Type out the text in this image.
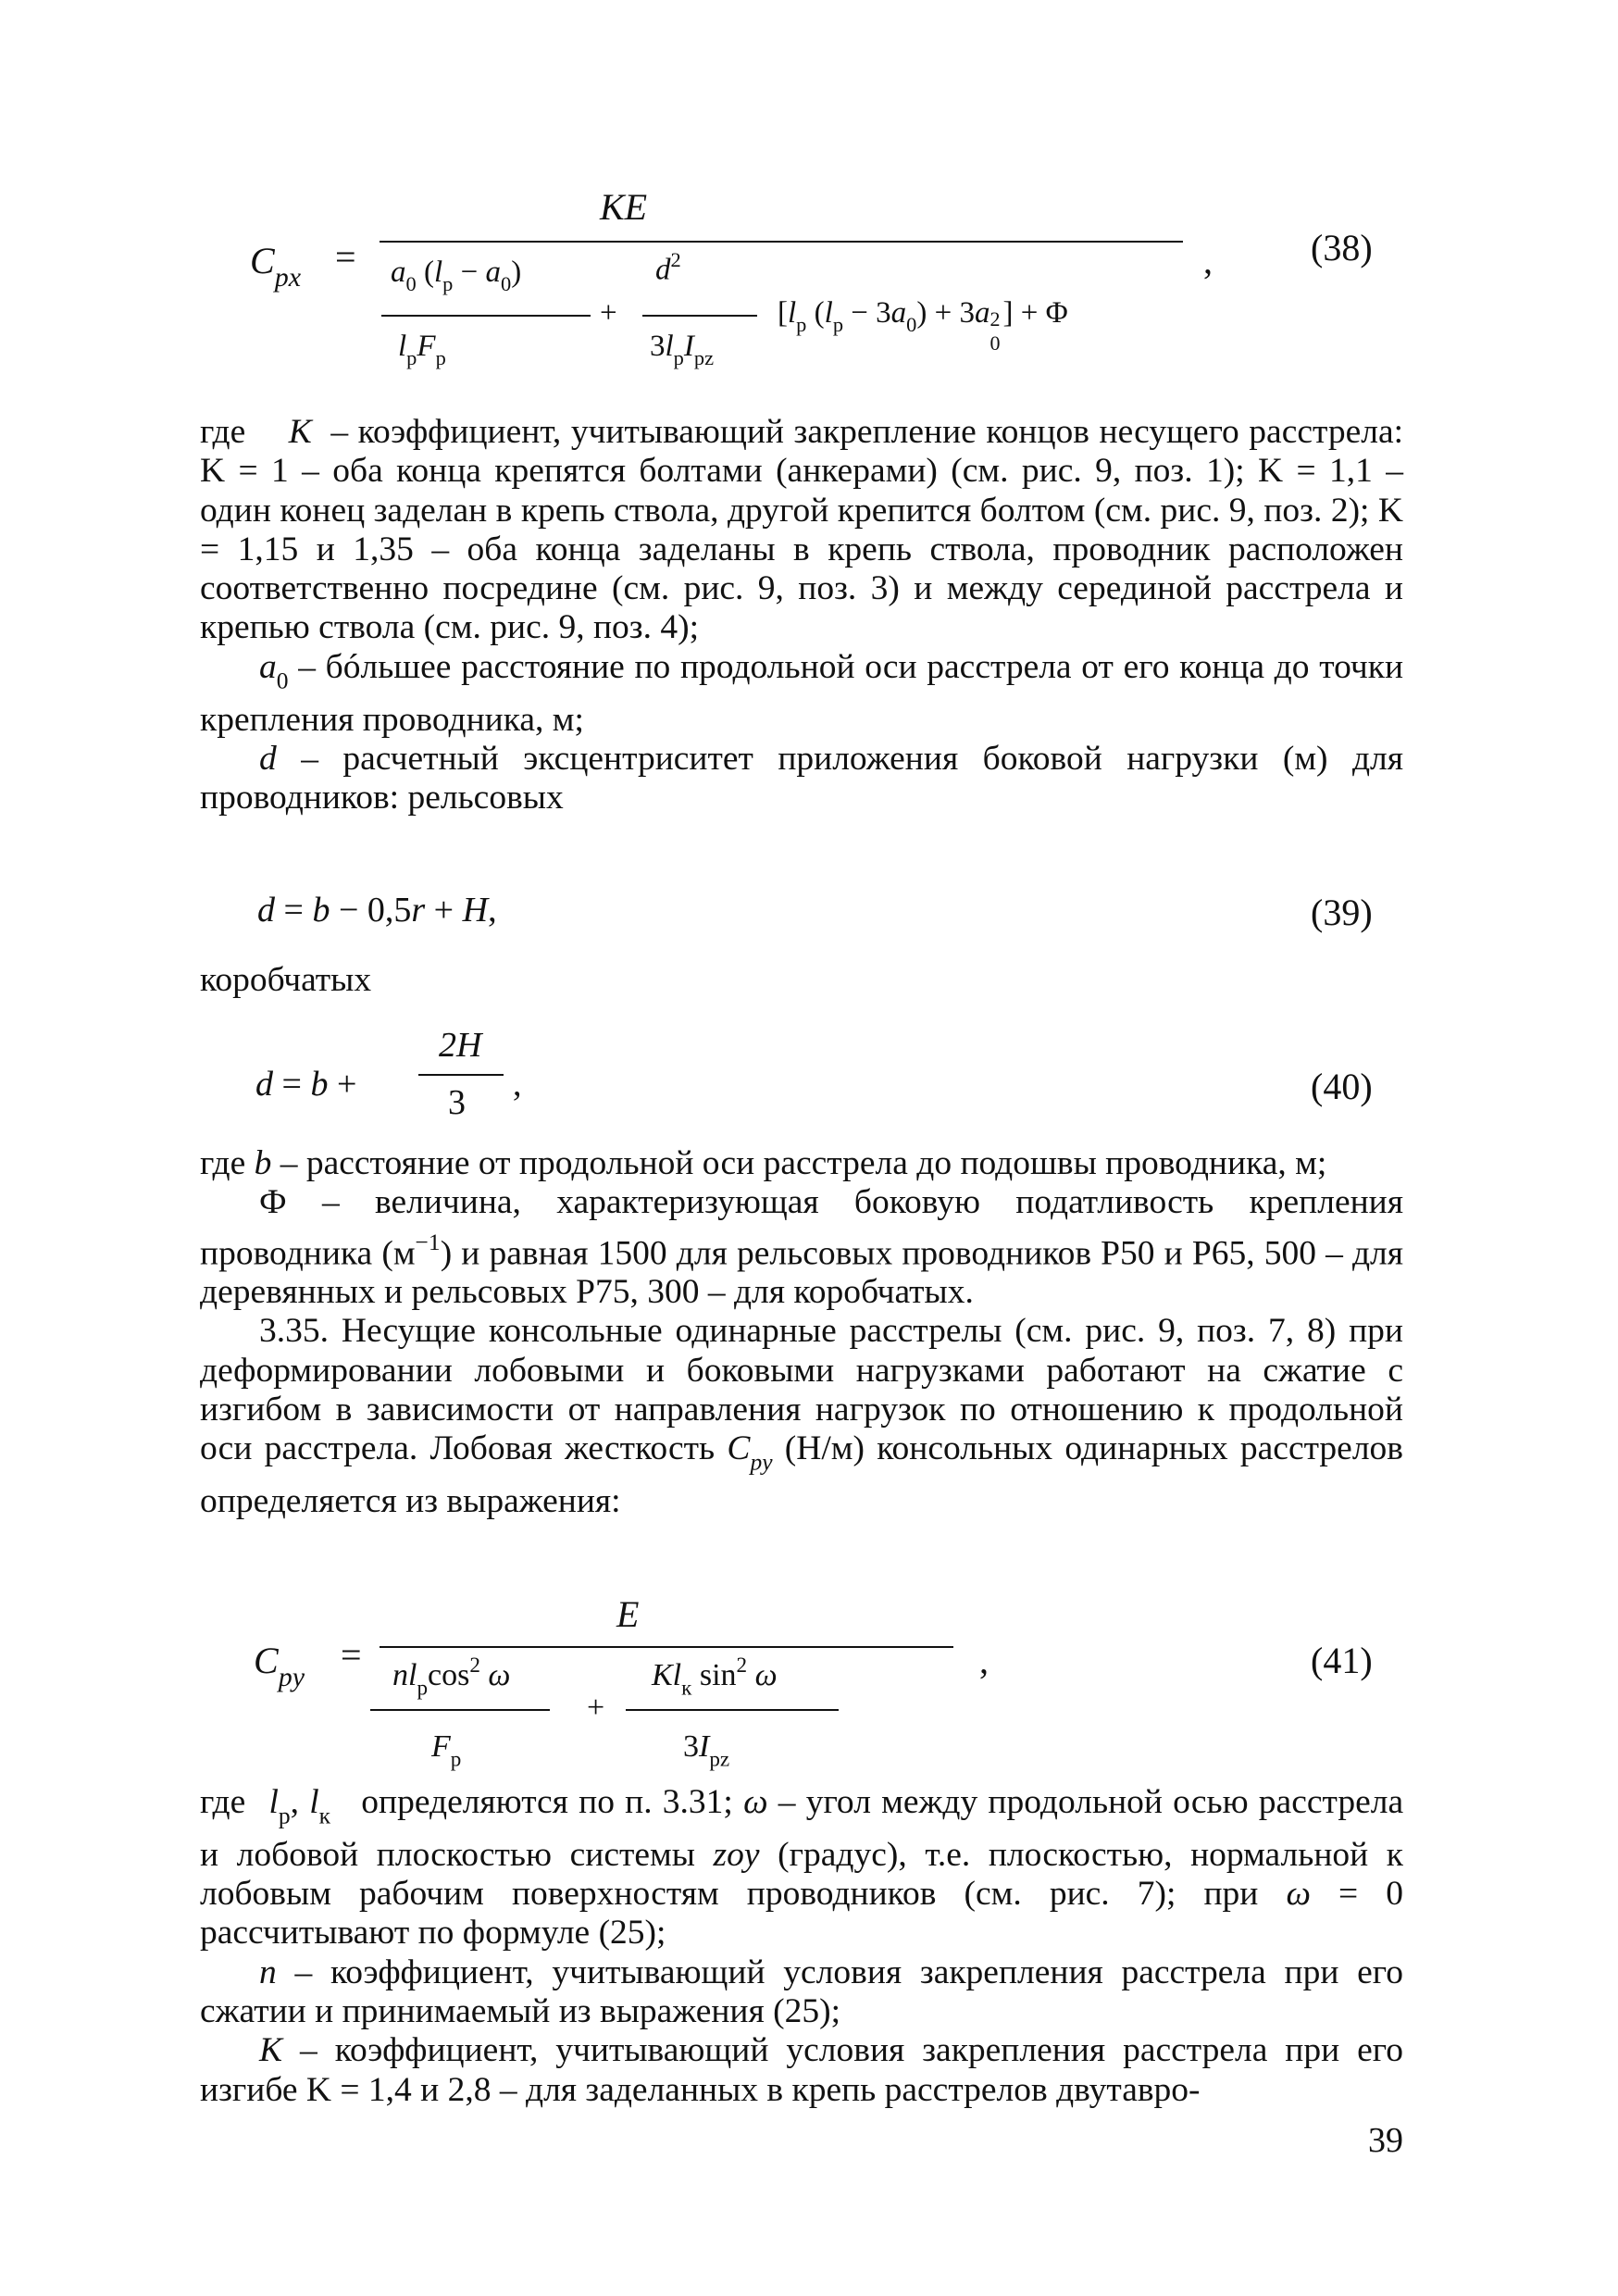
$C_{px}$ =
KE
$a_0$ $(l_p - a_0)$
$l_pF_p$
+
$d^2$
$3l_pI_{pz}$
[$l_p$ $(l_p - 3a_0) + 3a$ 2
0
] + Φ
,	(38)

где K – коэффициент, учитывающий закрепление концов несущего расстрела: K = 1 – оба конца крепятся болтами (анкерами) (см. рис. 9, поз. 1); K = 1,1 – один конец заделан в крепь ствола, другой крепится болтом (см. рис. 9, поз. 2); K = 1,15 и 1,35 – оба конца заделаны в крепь ствола, проводник расположен соответственно посредине (см. рис. 9, поз. 3) и между серединой расстрела и крепью ствола (см. рис. 9, поз. 4);

$a_0$ – бóльшее расстояние по продольной оси расстрела от его конца до точки крепления проводника, м;

d – расчетный эксцентриситет приложения боковой нагрузки (м) для проводников: рельсовых

d = b − 0,5r + H,	(39)

коробчатых

d = b +
2H
3 ,	(40)

где b – расстояние от продольной оси расстрела до подошвы проводника, м;

Ф – величина, характеризующая боковую податливость крепления проводника $(м^{-1})$ и равная 1500 для рельсовых проводников Р50 и Р65, 500 – для деревянных и рельсовых Р75, 300 – для коробчатых.

3.35. Несущие консольные одинарные расстрелы (см. рис. 9, поз. 7, 8) при деформировании лобовыми и боковыми нагрузками работают на сжатие с изгибом в зависимости от направления нагрузок по отношению к продольной оси расстрела. Лобовая жесткость $C_{py}$ (Н/м) консольных одинарных расстрелов определяется из выражения:

$C_{py}$
=
E
$nl_p\cos^2$ ω
$F_p$
+
$Kl_к$ $\sin^2 \omega$
$3I_{pz}$
,	(41)

где $l_p$, $l_к$ определяются по п. 3.31; ω – угол между продольной осью расстрела и лобовой плоскостью системы zoy (градус), т.е. плоскостью, нормальной к лобовым рабочим поверхностям проводников (см. рис. 7); при ω = 0 рассчитывают по формуле (25);

n – коэффициент, учитывающий условия закрепления расстрела при его сжатии и принимаемый из выражения (25);

K – коэффициент, учитывающий условия закрепления расстрела при его изгибе K = 1,4 и 2,8 – для заделанных в крепь расстрелов двутавро-

39
